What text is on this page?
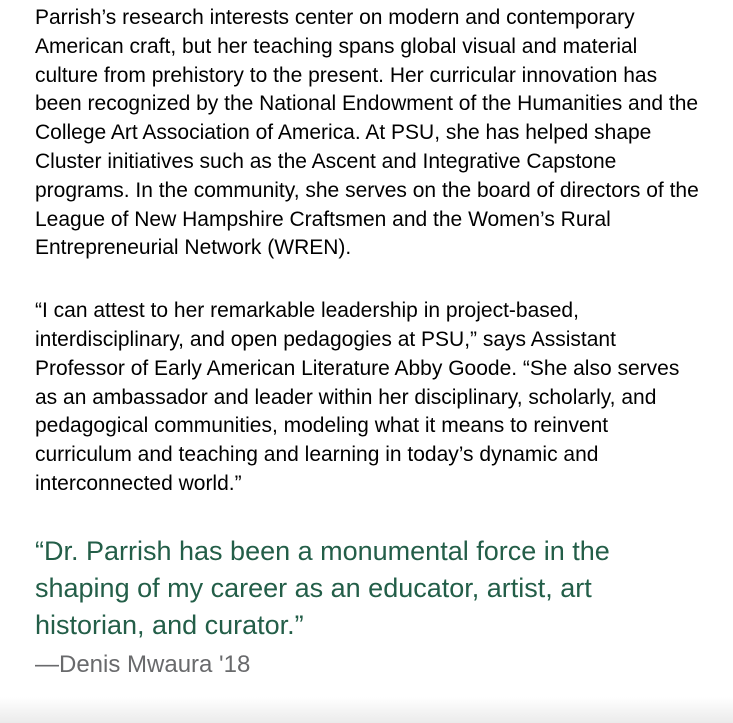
Parrish’s research interests center on modern and contemporary American craft, but her teaching spans global visual and material culture from prehistory to the present. Her curricular innovation has been recognized by the National Endowment of the Humanities and the College Art Association of America. At PSU, she has helped shape Cluster initiatives such as the Ascent and Integrative Capstone programs. In the community, she serves on the board of directors of the League of New Hampshire Craftsmen and the Women’s Rural Entrepreneurial Network (WREN).

“I can attest to her remarkable leadership in project-based, interdisciplinary, and open pedagogies at PSU,” says Assistant Professor of Early American Literature Abby Goode. “She also serves as an ambassador and leader within her disciplinary, scholarly, and pedagogical communities, modeling what it means to reinvent curriculum and teaching and learning in today’s dynamic and interconnected world.”

“Dr. Parrish has been a monumental force in the shaping of my career as an educator, artist, art historian, and curator.”

—Denis Mwaura '18
